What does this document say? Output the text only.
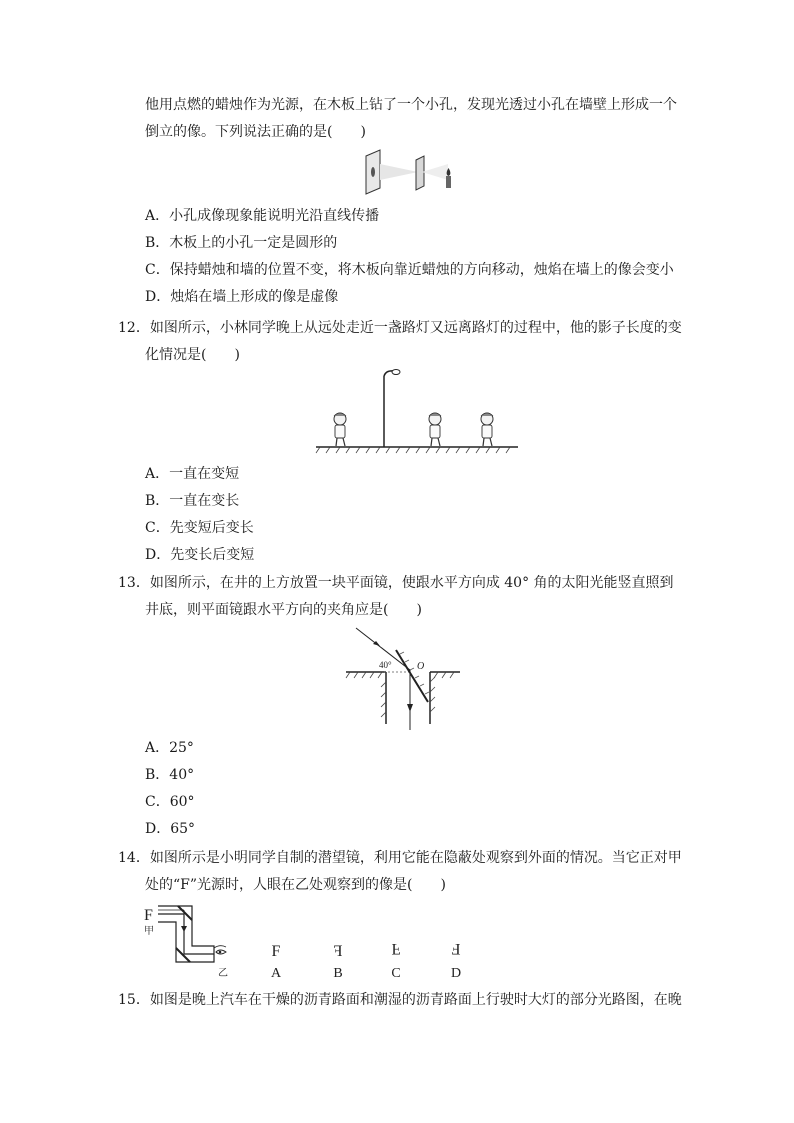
他用点燃的蜡烛作为光源，在木板上钻了一个小孔，发现光透过小孔在墙壁上形成一个
倒立的像。下列说法正确的是(　　)
A．小孔成像现象能说明光沿直线传播
B．木板上的小孔一定是圆形的
C．保持蜡烛和墙的位置不变，将木板向靠近蜡烛的方向移动，烛焰在墙上的像会变小
D．烛焰在墙上形成的像是虚像
12．如图所示，小林同学晚上从远处走近一盏路灯又远离路灯的过程中，他的影子长度的变
化情况是(　　)
A．一直在变短
B．一直在变长
C．先变短后变长
D．先变长后变短
13．如图所示，在井的上方放置一块平面镜，使跟水平方向成 40° 角的太阳光能竖直照到
井底，则平面镜跟水平方向的夹角应是(　　)
40°	O
A．25°
B．40°
C．60°
D．65°
14．如图所示是小明同学自制的潜望镜，利用它能在隐蔽处观察到外面的情况。当它正对甲
处的“F”光源时，人眼在乙处观察到的像是(　　)
F
甲
乙
F
A
F
B
F
C
F
D
15．如图是晚上汽车在干燥的沥青路面和潮湿的沥青路面上行驶时大灯的部分光路图，在晚
